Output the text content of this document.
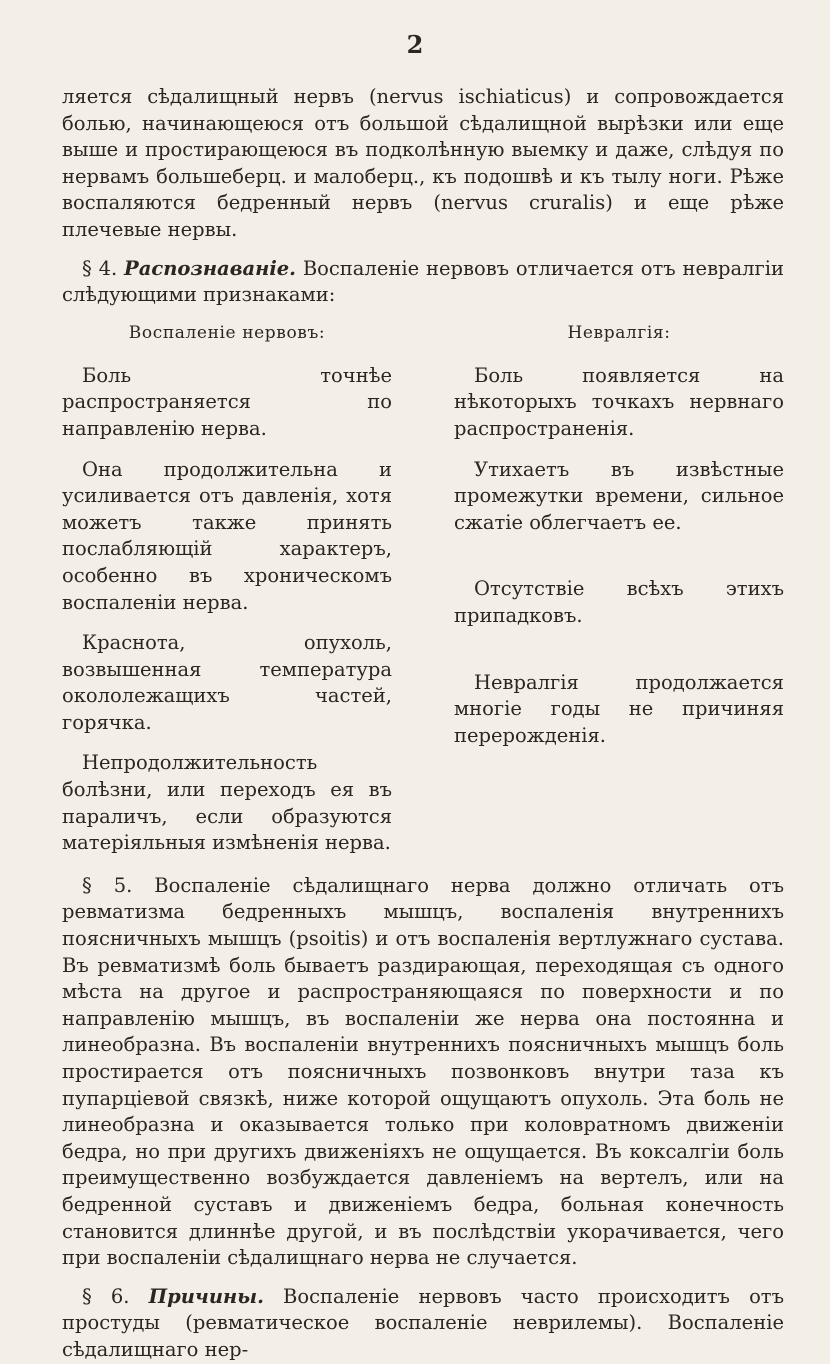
2

ляется сѣдалищный нервъ (nervus ischiaticus) и сопровождается болью, начинающеюся отъ большой сѣдалищной вырѣзки или еще выше и простирающеюся въ подколѣнную выемку и даже, слѣдуя по нервамъ большеберц. и малоберц., къ подошвѣ и къ тылу ноги. Рѣже воспаляются бедренный нервъ (nervus cruralis) и еще рѣже плечевые нервы.

§ 4. Распознаваніе. Воспаленіе нервовъ отличается отъ невралгіи слѣдующими признаками:

Воспаленіе нервовъ:

Боль точнѣе распространяется по направленію нерва.

Она продолжительна и усиливается отъ давленія, хотя можетъ также принять послабляющій характеръ, особенно въ хроническомъ воспаленіи нерва.

Краснота, опухоль, возвышенная температура окололежащихъ частей, горячка.

Непродолжительность болѣзни, или переходъ ея въ параличъ, если образуются матеріяльныя измѣненія нерва.

Невралгія:

Боль появляется на нѣкоторыхъ точкахъ нервнаго распространенія.

Утихаетъ въ извѣстные промежутки времени, сильное сжатіе облегчаетъ ее.

Отсутствіе всѣхъ этихъ припадковъ.

Невралгія продолжается многіе годы не причиняя перерожденія.

§ 5. Воспаленіе сѣдалищнаго нерва должно отличать отъ ревматизма бедренныхъ мышцъ, воспаленія внутреннихъ поясничныхъ мышцъ (psoitis) и отъ воспаленія вертлужнаго сустава. Въ ревматизмѣ боль бываетъ раздирающая, переходящая съ одного мѣста на другое и распространяющаяся по поверхности и по направленію мышцъ, въ воспаленіи же нерва она постоянна и линеобразна. Въ воспаленіи внутреннихъ поясничныхъ мышцъ боль простирается отъ поясничныхъ позвонковъ внутри таза къ пупарціевой связкѣ, ниже которой ощущаютъ опухоль. Эта боль не линеобразна и оказывается только при коловратномъ движеніи бедра, но при другихъ движеніяхъ не ощущается. Въ коксалгіи боль преимущественно возбуждается давленіемъ на вертелъ, или на бедренной суставъ и движеніемъ бедра, больная конечность становится длиннѣе другой, и въ послѣдствіи укорачивается, чего при воспаленіи сѣдалищнаго нерва не случается.

§ 6. Причины. Воспаленіе нервовъ часто происходитъ отъ простуды (ревматическое воспаленіе неврилемы). Воспаленіе сѣдалищнаго нер-
